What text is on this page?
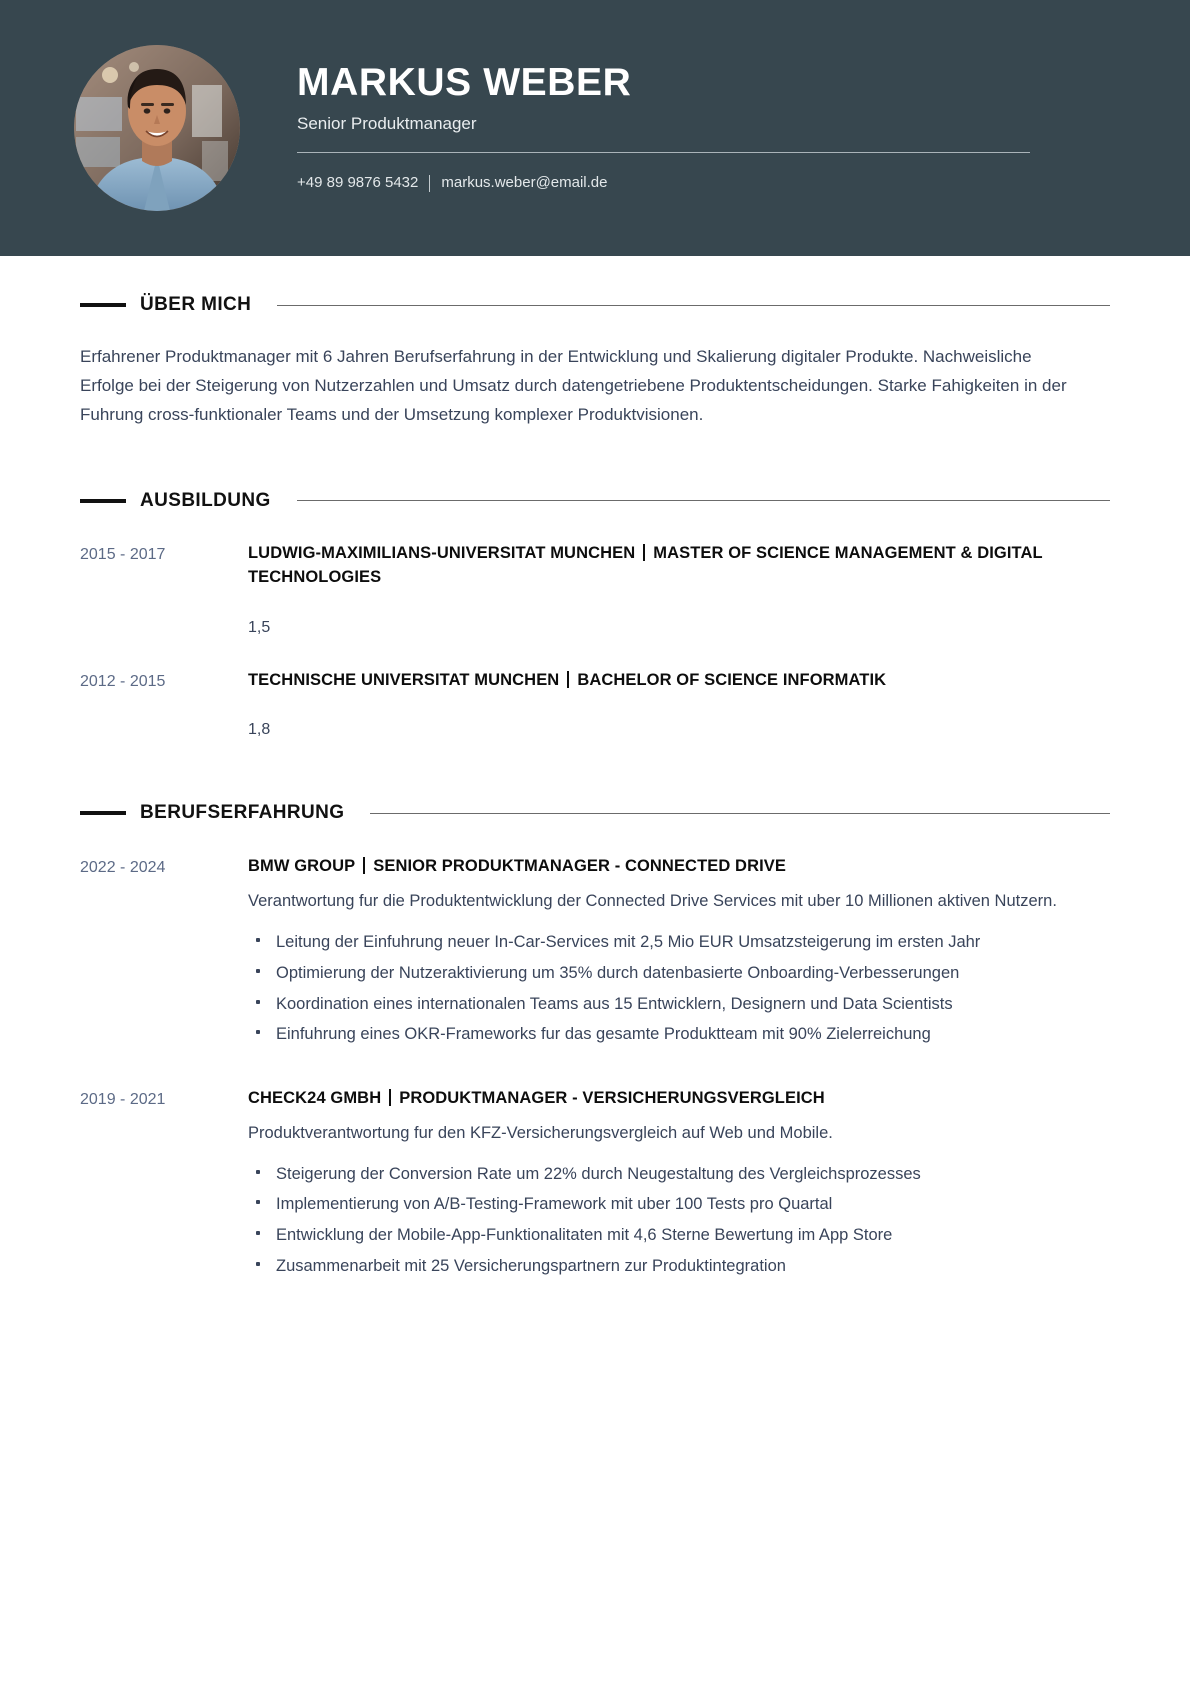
MARKUS WEBER
Senior Produktmanager
+49 89 9876 5432 markus.weber@email.de
ÜBER MICH

Erfahrener Produktmanager mit 6 Jahren Berufserfahrung in der Entwicklung und Skalierung digitaler Produkte. Nachweisliche Erfolge bei der Steigerung von Nutzerzahlen und Umsatz durch datengetriebene Produktentscheidungen. Starke Fahigkeiten in der Fuhrung cross-funktionaler Teams und der Umsetzung komplexer Produktvisionen.

AUSBILDUNG
2015 - 2017	LUDWIG-MAXIMILIANS-UNIVERSITAT MUNCHEN MASTER OF SCIENCE MANAGEMENT & DIGITAL TECHNOLOGIES
1,5
2012 - 2015	TECHNISCHE UNIVERSITAT MUNCHEN BACHELOR OF SCIENCE INFORMATIK
1,8
BERUFSERFAHRUNG
2022 - 2024	BMW GROUP SENIOR PRODUKTMANAGER - CONNECTED DRIVE

Verantwortung fur die Produktentwicklung der Connected Drive Services mit uber 10 Millionen aktiven Nutzern.

Leitung der Einfuhrung neuer In-Car-Services mit 2,5 Mio EUR Umsatzsteigerung im ersten Jahr
Optimierung der Nutzeraktivierung um 35% durch datenbasierte Onboarding-Verbesserungen
Koordination eines internationalen Teams aus 15 Entwicklern, Designern und Data Scientists
Einfuhrung eines OKR-Frameworks fur das gesamte Produktteam mit 90% Zielerreichung
2019 - 2021	CHECK24 GMBH PRODUKTMANAGER - VERSICHERUNGSVERGLEICH

Produktverantwortung fur den KFZ-Versicherungsvergleich auf Web und Mobile.

Steigerung der Conversion Rate um 22% durch Neugestaltung des Vergleichsprozesses
Implementierung von A/B-Testing-Framework mit uber 100 Tests pro Quartal
Entwicklung der Mobile-App-Funktionalitaten mit 4,6 Sterne Bewertung im App Store
Zusammenarbeit mit 25 Versicherungspartnern zur Produktintegration
